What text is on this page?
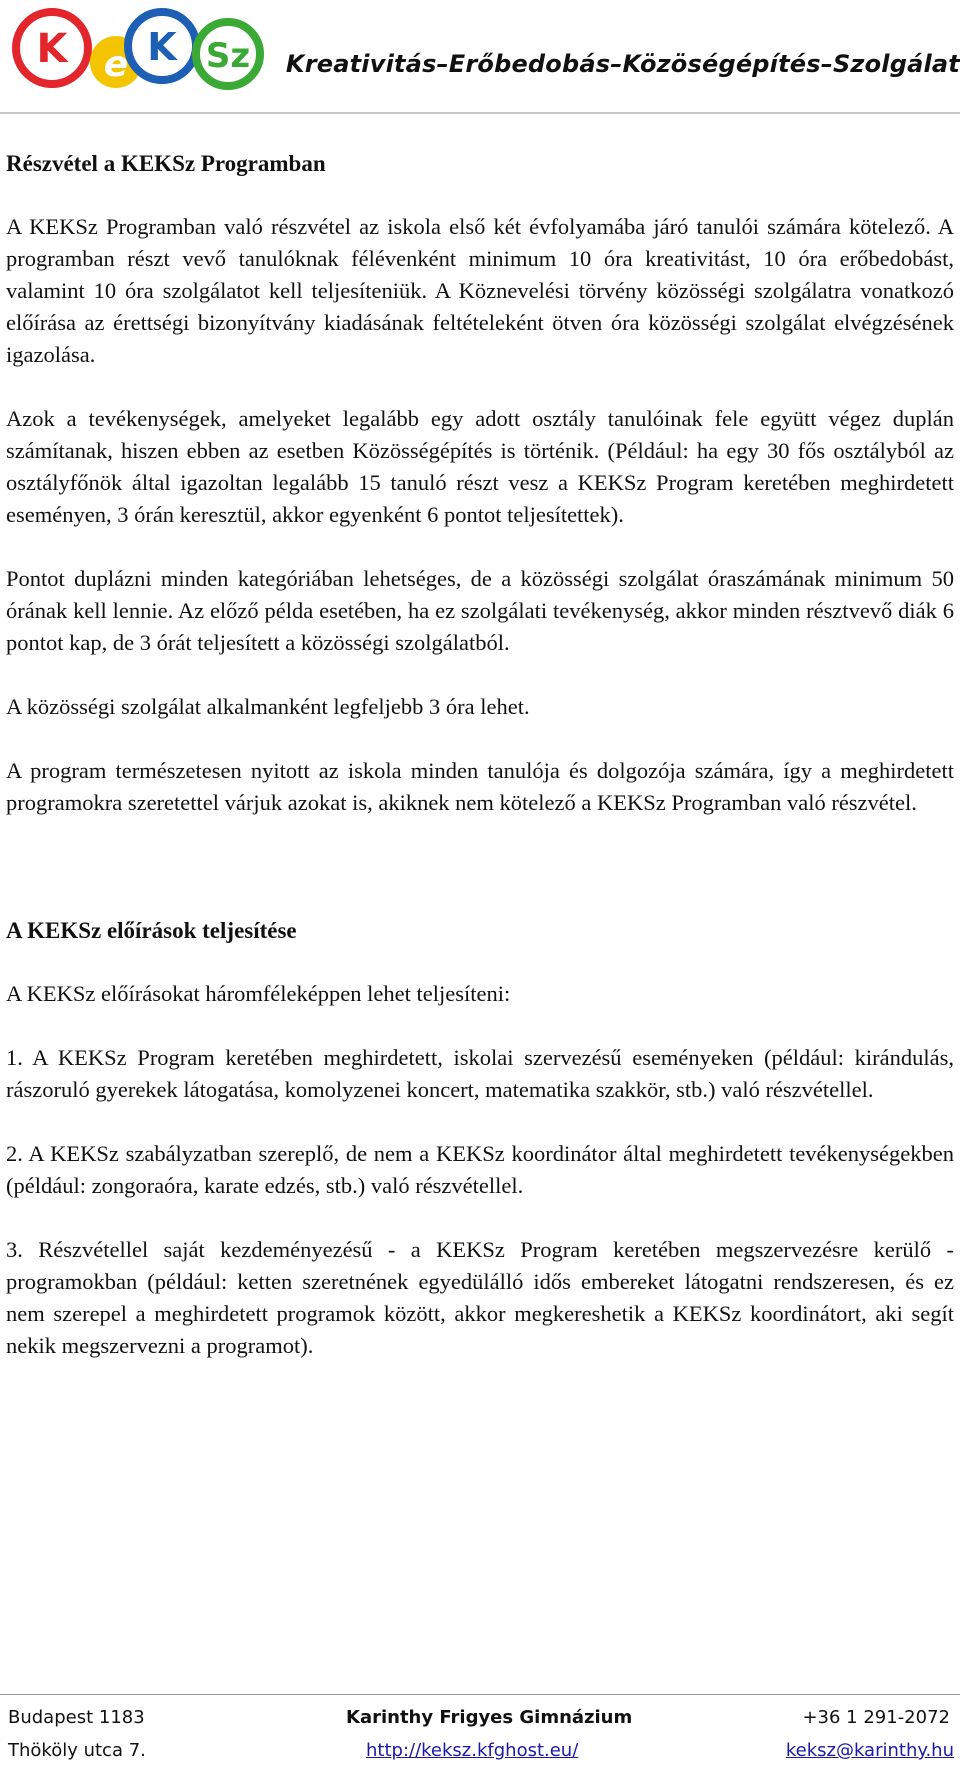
K e K Sz Kreativitás–Erőbedobás–Közöségépítés–Szolgálat
Részvétel a KEKSz Programban

A KEKSz Programban való részvétel az iskola első két évfolyamába járó tanulói számára kötelező. A programban részt vevő tanulóknak félévenként minimum 10 óra kreativitást, 10 óra erőbedobást, valamint 10 óra szolgálatot kell teljesíteniük. A Köznevelési törvény közösségi szolgálatra vonatkozó előírása az érettségi bizonyítvány kiadásának feltételeként ötven óra közösségi szolgálat elvégzésének igazolása.

Azok a tevékenységek, amelyeket legalább egy adott osztály tanulóinak fele együtt végez duplán számítanak, hiszen ebben az esetben Közösségépítés is történik. (Például: ha egy 30 fős osztályból az osztályfőnök által igazoltan legalább 15 tanuló részt vesz a KEKSz Program keretében meghirdetett eseményen, 3 órán keresztül, akkor egyenként 6 pontot teljesítettek).

Pontot duplázni minden kategóriában lehetséges, de a közösségi szolgálat óraszámának minimum 50 órának kell lennie. Az előző példa esetében, ha ez szolgálati tevékenység, akkor minden résztvevő diák 6 pontot kap, de 3 órát teljesített a közösségi szolgálatból.

A közösségi szolgálat alkalmanként legfeljebb 3 óra lehet.

A program természetesen nyitott az iskola minden tanulója és dolgozója számára, így a meghirdetett programokra szeretettel várjuk azokat is, akiknek nem kötelező a KEKSz Programban való részvétel.

A KEKSz előírások teljesítése

A KEKSz előírásokat háromféleképpen lehet teljesíteni:

1. A KEKSz Program keretében meghirdetett, iskolai szervezésű eseményeken (például: kirándulás, rászoruló gyerekek látogatása, komolyzenei koncert, matematika szakkör, stb.) való részvétellel.

2. A KEKSz szabályzatban szereplő, de nem a KEKSz koordinátor által meghirdetett tevékenységekben (például: zongoraóra, karate edzés, stb.) való részvétellel.

3. Részvétellel saját kezdeményezésű - a KEKSz Program keretében megszervezésre kerülő - programokban (például: ketten szeretnének egyedülálló idős embereket látogatni rendszeresen, és ez nem szerepel a meghirdetett programok között, akkor megkereshetik a KEKSz koordinátort, aki segít nekik megszervezni a programot).

Budapest 1183
Thököly utca 7.
Karinthy Frigyes Gimnázium
http://keksz.kfghost.eu/
+36 1 291-2072
keksz@karinthy.hu
